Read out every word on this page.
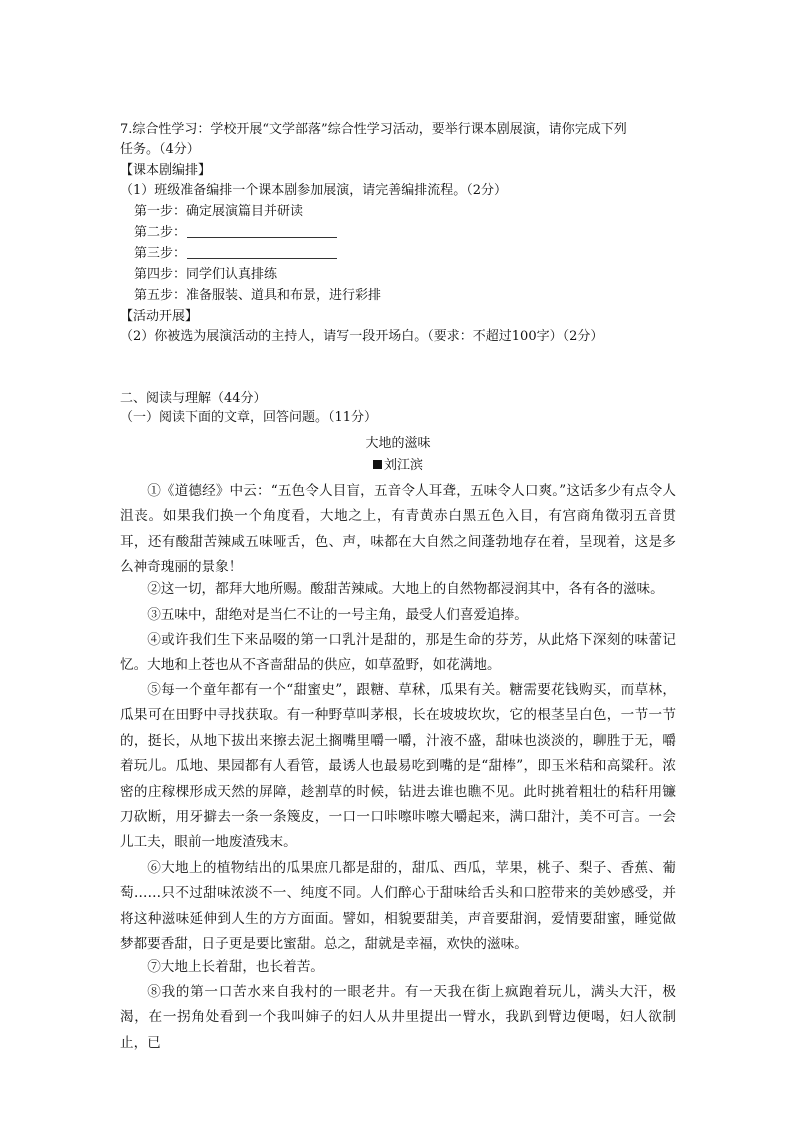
7.综合性学习：学校开展“文学部落”综合性学习活动，要举行课本剧展演，请你完成下列
任务。（4分）
【课本剧编排】
（1）班级准备编排一个课本剧参加展演，请完善编排流程。（2分）
第一步：确定展演篇目并研读
第二步：
第三步：
第四步：同学们认真排练
第五步：准备服装、道具和布景，进行彩排
【活动开展】
（2）你被选为展演活动的主持人，请写一段开场白。（要求：不超过100字）（2分）
二、阅读与理解（44分）
（一）阅读下面的文章，回答问题。（11分）
大地的滋味
刘江滨

①《道德经》中云：“五色令人目盲，五音令人耳聋，五味令人口爽。”这话多少有点令人沮丧。如果我们换一个角度看，大地之上，有青黄赤白黑五色入目，有宫商角徵羽五音贯耳，还有酸甜苦辣咸五味哑舌，色、声，味都在大自然之间蓬勃地存在着，呈现着，这是多么神奇瑰丽的景象！

②这一切，都拜大地所赐。酸甜苦辣咸。大地上的自然物都浸润其中，各有各的滋味。

③五味中，甜绝对是当仁不让的一号主角，最受人们喜爱追捧。

④或许我们生下来品啜的第一口乳汁是甜的，那是生命的芬芳，从此烙下深刻的味蕾记忆。大地和上苍也从不吝啬甜品的供应，如草盈野，如花满地。

⑤每一个童年都有一个“甜蜜史”，跟糖、草秫，瓜果有关。糖需要花钱购买，而草林，瓜果可在田野中寻找获取。有一种野草叫茅根，长在坡坡坎坎，它的根茎呈白色，一节一节的，挺长，从地下拔出来擦去泥土搁嘴里嚼一嚼，汁液不盛，甜味也淡淡的，聊胜于无，嚼着玩儿。瓜地、果园都有人看管，最诱人也最易吃到嘴的是“甜棒”，即玉米秸和高粱秆。浓密的庄稼棵形成天然的屏障，趁割草的时候，钻进去谁也瞧不见。此时挑着粗壮的秸秆用镰刀砍断，用牙擗去一条一条篾皮，一口一口咔嚓咔嚓大嚼起来，满口甜汁，美不可言。一会儿工夫，眼前一地废渣残末。

⑥大地上的植物结出的瓜果庶几都是甜的，甜瓜、西瓜，苹果，桃子、梨子、香蕉、葡萄……只不过甜味浓淡不一、纯度不同。人们醉心于甜味给舌头和口腔带来的美妙感受，并将这种滋味延伸到人生的方方面面。譬如，相貌要甜美，声音要甜润，爱情要甜蜜，睡觉做梦都要香甜，日子更是要比蜜甜。总之，甜就是幸福，欢快的滋味。

⑦大地上长着甜，也长着苦。

⑧我的第一口苦水来自我村的一眼老井。有一天我在街上疯跑着玩儿，满头大汗，极渴，在一拐角处看到一个我叫婶子的妇人从井里提出一臂水，我趴到臂边便喝，妇人欲制止，已
